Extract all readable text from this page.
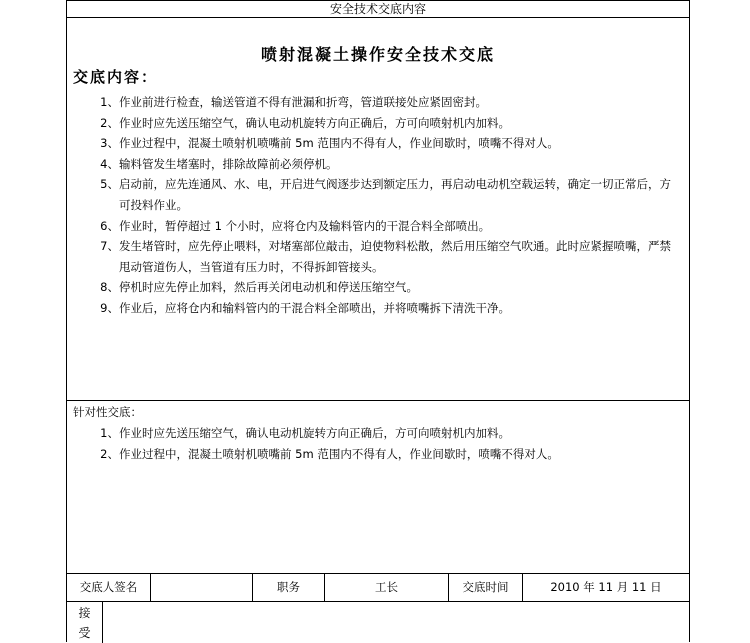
安全技术交底内容
喷射混凝土操作安全技术交底
交底内容：
1、 作业前进行检查，输送管道不得有泄漏和折弯，管道联接处应紧固密封。
2、 作业时应先送压缩空气，确认电动机旋转方向正确后，方可向喷射机内加料。
3、 作业过程中，混凝土喷射机喷嘴前 5m 范围内不得有人，作业间歇时，喷嘴不得对人。
4、 输料管发生堵塞时，排除故障前必须停机。
5、 启动前，应先连通风、水、电，开启进气阀逐步达到额定压力，再启动电动机空载运转，确定一切正常后，方可投料作业。
6、 作业时，暂停超过 1 个小时，应将仓内及输料管内的干混合料全部喷出。
7、 发生堵管时，应先停止喂料，对堵塞部位敲击，迫使物料松散，然后用压缩空气吹通。此时应紧握喷嘴，严禁甩动管道伤人，当管道有压力时，不得拆卸管接头。
8、 停机时应先停止加料，然后再关闭电动机和停送压缩空气。
9、 作业后，应将仓内和输料管内的干混合料全部喷出，并将喷嘴拆下清洗干净。
针对性交底：
1、 作业时应先送压缩空气，确认电动机旋转方向正确后，方可向喷射机内加料。
2、 作业过程中，混凝土喷射机喷嘴前 5m 范围内不得有人，作业间歇时，喷嘴不得对人。
交底人签名	职务	工长	交底时间	2010 年 11 月 11 日
接受
